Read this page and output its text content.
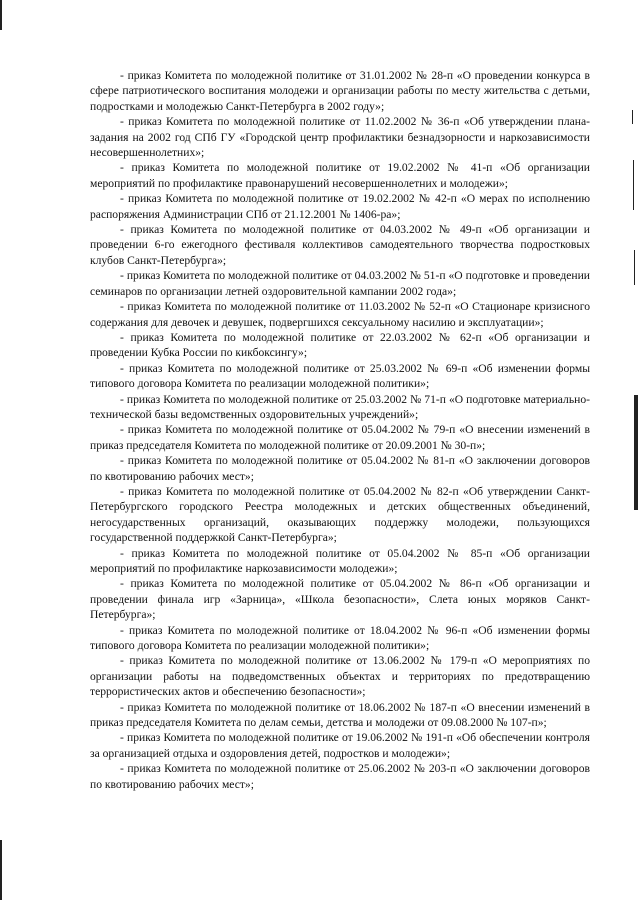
- приказ Комитета по молодежной политике от 31.01.2002 № 28-п «О проведении конкурса в сфере патриотического воспитания молодежи и организации работы по месту жительства с детьми, подростками и молодежью Санкт-Петербурга в 2002 году»;

- приказ Комитета по молодежной политике от 11.02.2002 № 36-п «Об утверждении плана-задания на 2002 год СПб ГУ «Городской центр профилактики безнадзорности и наркозависимости несовершеннолетних»;

- приказ Комитета по молодежной политике от 19.02.2002 № 41-п «Об организации мероприятий по профилактике правонарушений несовершеннолетних и молодежи»;

- приказ Комитета по молодежной политике от 19.02.2002 № 42-п «О мерах по исполнению распоряжения Администрации СПб от 21.12.2001 № 1406-ра»;

- приказ Комитета по молодежной политике от 04.03.2002 № 49-п «Об организации и проведении 6-го ежегодного фестиваля коллективов самодеятельного творчества подростковых клубов Санкт-Петербурга»;

- приказ Комитета по молодежной политике от 04.03.2002 № 51-п «О подготовке и проведении семинаров по организации летней оздоровительной кампании 2002 года»;

- приказ Комитета по молодежной политике от 11.03.2002 № 52-п «О Стационаре кризисного содержания для девочек и девушек, подвергшихся сексуальному насилию и эксплуатации»;

- приказ Комитета по молодежной политике от 22.03.2002 № 62-п «Об организации и проведении Кубка России по кикбоксингу»;

- приказ Комитета по молодежной политике от 25.03.2002 № 69-п «Об изменении формы типового договора Комитета по реализации молодежной политики»;

- приказ Комитета по молодежной политике от 25.03.2002 № 71-п «О подготовке материально-технической базы ведомственных оздоровительных учреждений»;

- приказ Комитета по молодежной политике от 05.04.2002 № 79-п «О внесении изменений в приказ председателя Комитета по молодежной политике от 20.09.2001 № 30-п»;

- приказ Комитета по молодежной политике от 05.04.2002 № 81-п «О заключении договоров по квотированию рабочих мест»;

- приказ Комитета по молодежной политике от 05.04.2002 № 82-п «Об утверждении Санкт-Петербургского городского Реестра молодежных и детских общественных объединений, негосударственных организаций, оказывающих поддержку молодежи, пользующихся государственной поддержкой Санкт-Петербурга»;

- приказ Комитета по молодежной политике от 05.04.2002 № 85-п «Об организации мероприятий по профилактике наркозависимости молодежи»;

- приказ Комитета по молодежной политике от 05.04.2002 № 86-п «Об организации и проведении финала игр «Зарница», «Школа безопасности», Слета юных моряков Санкт-Петербурга»;

- приказ Комитета по молодежной политике от 18.04.2002 № 96-п «Об изменении формы типового договора Комитета по реализации молодежной политики»;

- приказ Комитета по молодежной политике от 13.06.2002 № 179-п «О мероприятиях по организации работы на подведомственных объектах и территориях по предотвращению террористических актов и обеспечению безопасности»;

- приказ Комитета по молодежной политике от 18.06.2002 № 187-п «О внесении изменений в приказ председателя Комитета по делам семьи, детства и молодежи от 09.08.2000 № 107-п»;

- приказ Комитета по молодежной политике от 19.06.2002 № 191-п «Об обеспечении контроля за организацией отдыха и оздоровления детей, подростков и молодежи»;

- приказ Комитета по молодежной политике от 25.06.2002 № 203-п «О заключении договоров по квотированию рабочих мест»;
